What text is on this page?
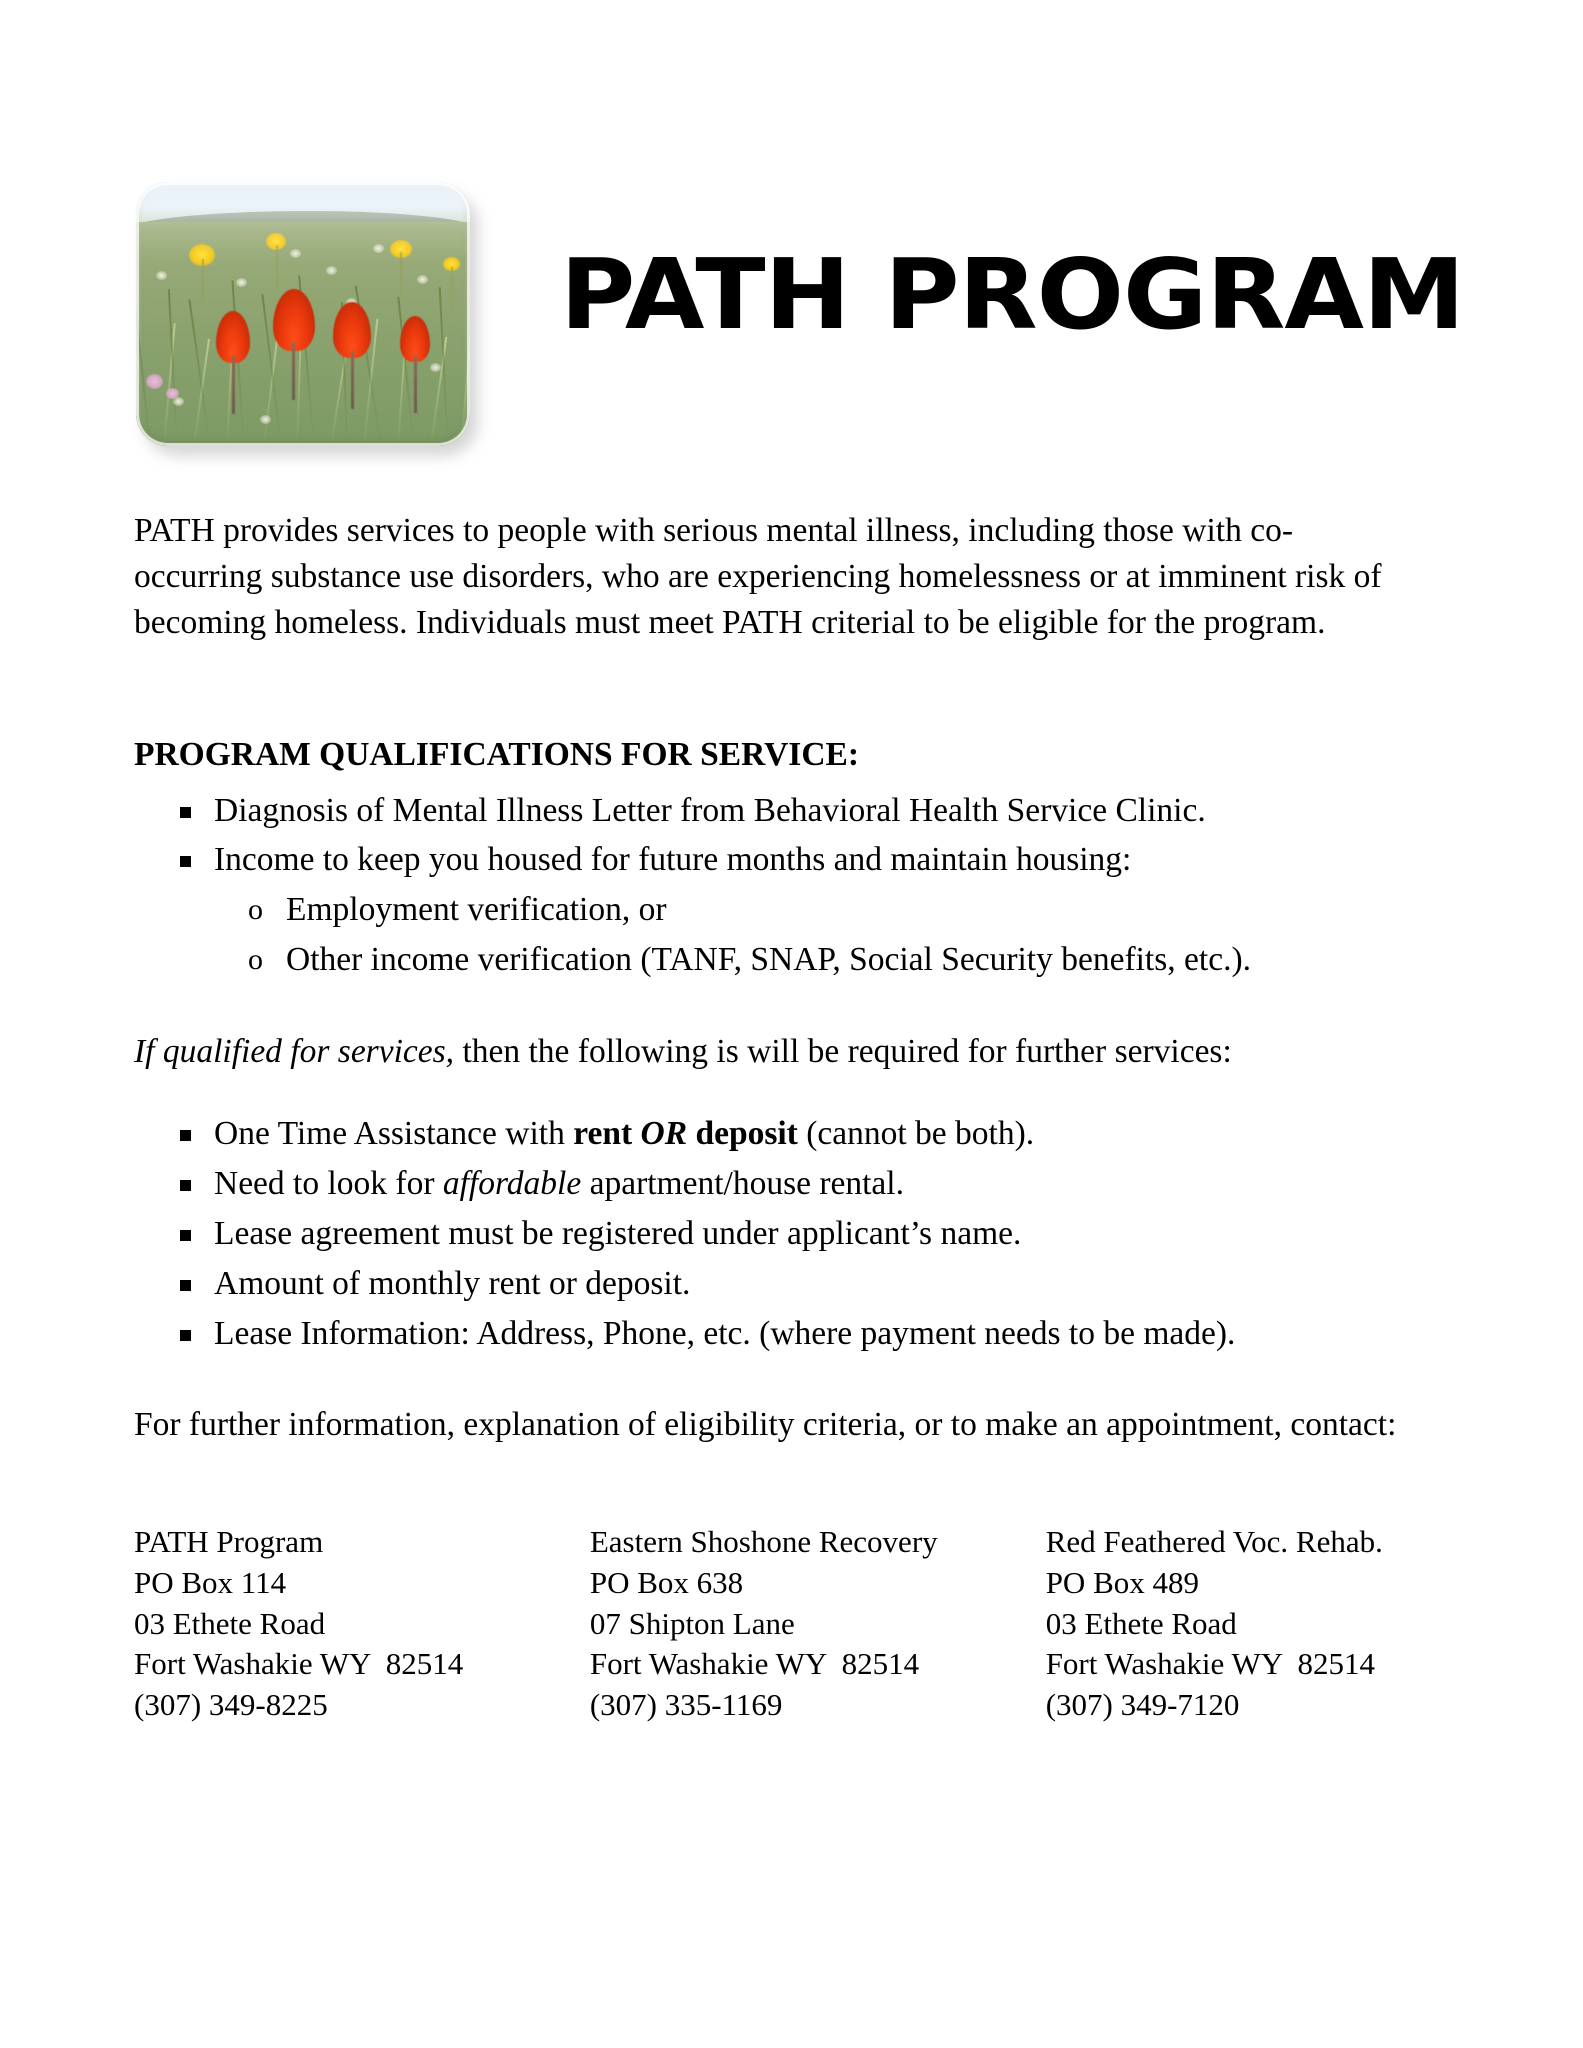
PATH PROGRAM

PATH provides services to people with serious mental illness, including those with co-occurring substance use disorders, who are experiencing homelessness or at imminent risk of becoming homeless. Individuals must meet PATH criterial to be eligible for the program.

PROGRAM QUALIFICATIONS FOR SERVICE:
Diagnosis of Mental Illness Letter from Behavioral Health Service Clinic.
Income to keep you housed for future months and maintain housing:
o Employment verification, or
o Other income verification (TANF, SNAP, Social Security benefits, etc.).

If qualified for services, then the following is will be required for further services:

One Time Assistance with rent OR deposit (cannot be both).
Need to look for affordable apartment/house rental.
Lease agreement must be registered under applicant’s name.
Amount of monthly rent or deposit.
Lease Information: Address, Phone, etc. (where payment needs to be made).

For further information, explanation of eligibility criteria, or to make an appointment, contact:

PATH Program
PO Box 114
03 Ethete Road
Fort Washakie WY  82514
(307) 349-8225
Eastern Shoshone Recovery
PO Box 638
07 Shipton Lane
Fort Washakie WY  82514
(307) 335-1169
Red Feathered Voc. Rehab.
PO Box 489
03 Ethete Road
Fort Washakie WY  82514
(307) 349-7120
